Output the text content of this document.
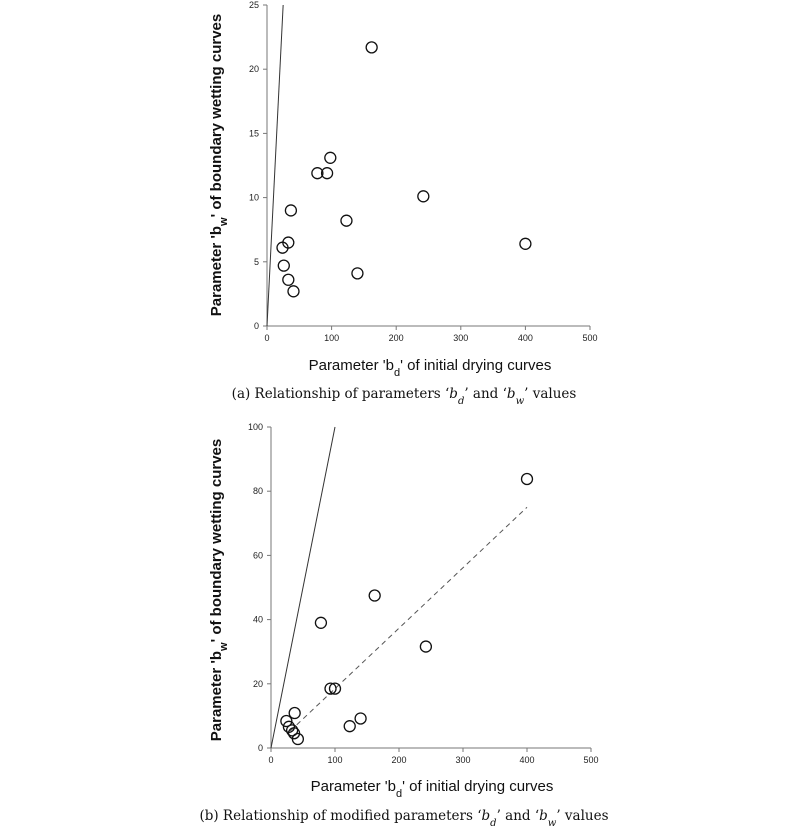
0	100	200	300	400	500
0
5
10
15
20
25
Parameter '$b_d$' of initial drying curves
Parameter '$b_w$' of boundary wetting curves
(a) Relationship of parameters ‘$b_d$’ and ‘$b_w$’ values
0	100	200	300	400	500
0
20
40
60
80
100
Parameter '$b_d$' of initial drying curves
Parameter '$b_w$' of boundary wetting curves
(b) Relationship of modified parameters ‘$b_d$’ and ‘$b_w$’ values
